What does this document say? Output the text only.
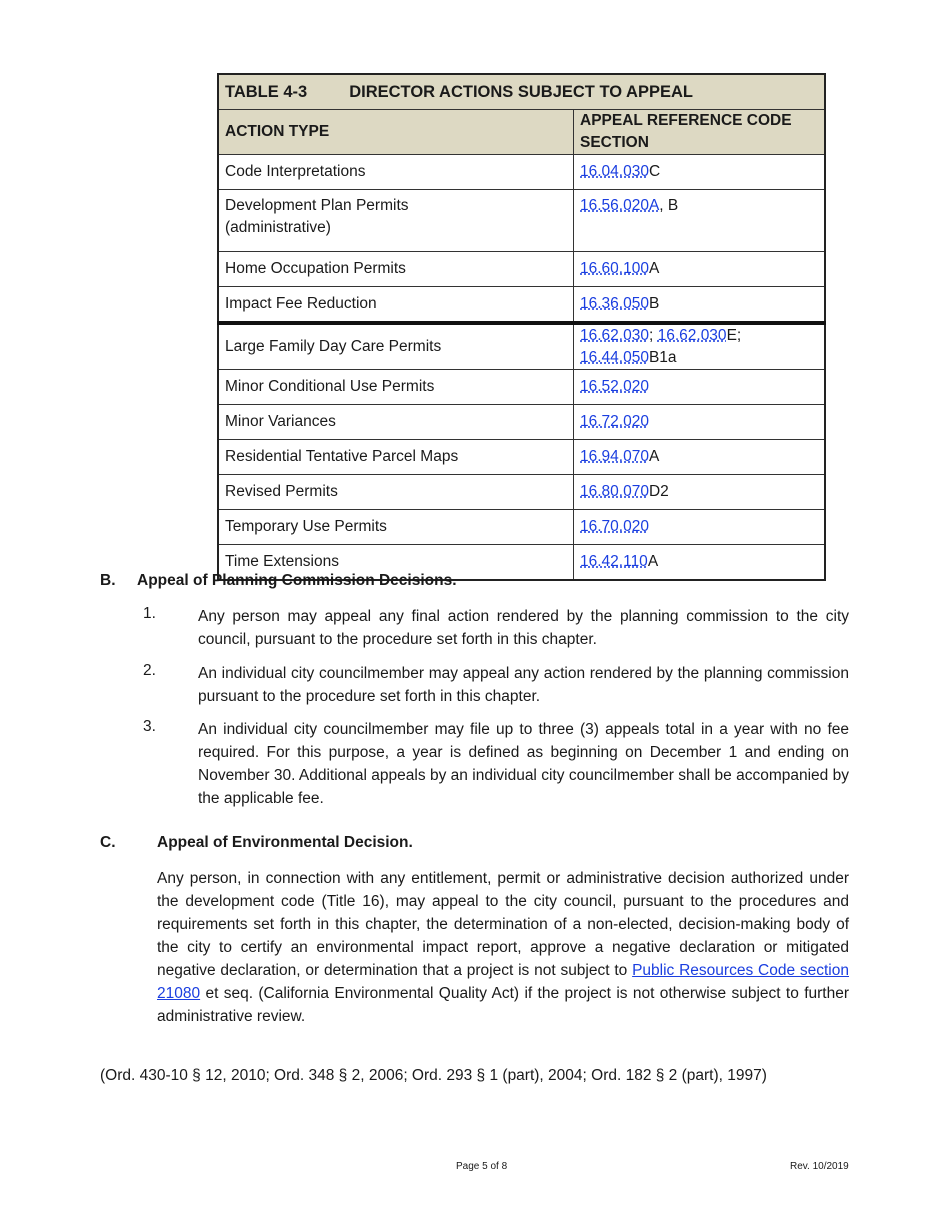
TABLE 4-3 DIRECTOR ACTIONS SUBJECT TO APPEAL	
ACTION TYPE	APPEAL REFERENCE CODE SECTION
Code Interpretations	16.04.030C
Development Plan Permits (administrative)	16.56.020A, B
Home Occupation Permits	16.60.100A
Impact Fee Reduction	16.36.050B
Large Family Day Care Permits	16.62.030; 16.62.030E; 16.44.050B1a
Minor Conditional Use Permits	16.52.020
Minor Variances	16.72.020
Residential Tentative Parcel Maps	16.94.070A
Revised Permits	16.80.070D2
Temporary Use Permits	16.70.020
Time Extensions	16.42.110A
B. Appeal of Planning Commission Decisions.
1.	Any person may appeal any final action rendered by the planning commission to the city council, pursuant to the procedure set forth in this chapter.
2.	An individual city councilmember may appeal any action rendered by the planning commission pursuant to the procedure set forth in this chapter.
3.	An individual city councilmember may file up to three (3) appeals total in a year with no fee required. For this purpose, a year is defined as beginning on December 1 and ending on November 30. Additional appeals by an individual city councilmember shall be accompanied by the applicable fee.
C.	Appeal of Environmental Decision.
Any person, in connection with any entitlement, permit or administrative decision authorized under the development code (Title 16), may appeal to the city council, pursuant to the procedures and requirements set forth in this chapter, the determination of a non-elected, decision-making body of the city to certify an environmental impact report, approve a negative declaration or mitigated negative declaration, or determination that a project is not subject to Public Resources Code section 21080 et seq. (California Environmental Quality Act) if the project is not otherwise subject to further administrative review.
(Ord. 430-10 § 12, 2010; Ord. 348 § 2, 2006; Ord. 293 § 1 (part), 2004; Ord. 182 § 2 (part), 1997)
Page 5 of 8	Rev. 10/2019
